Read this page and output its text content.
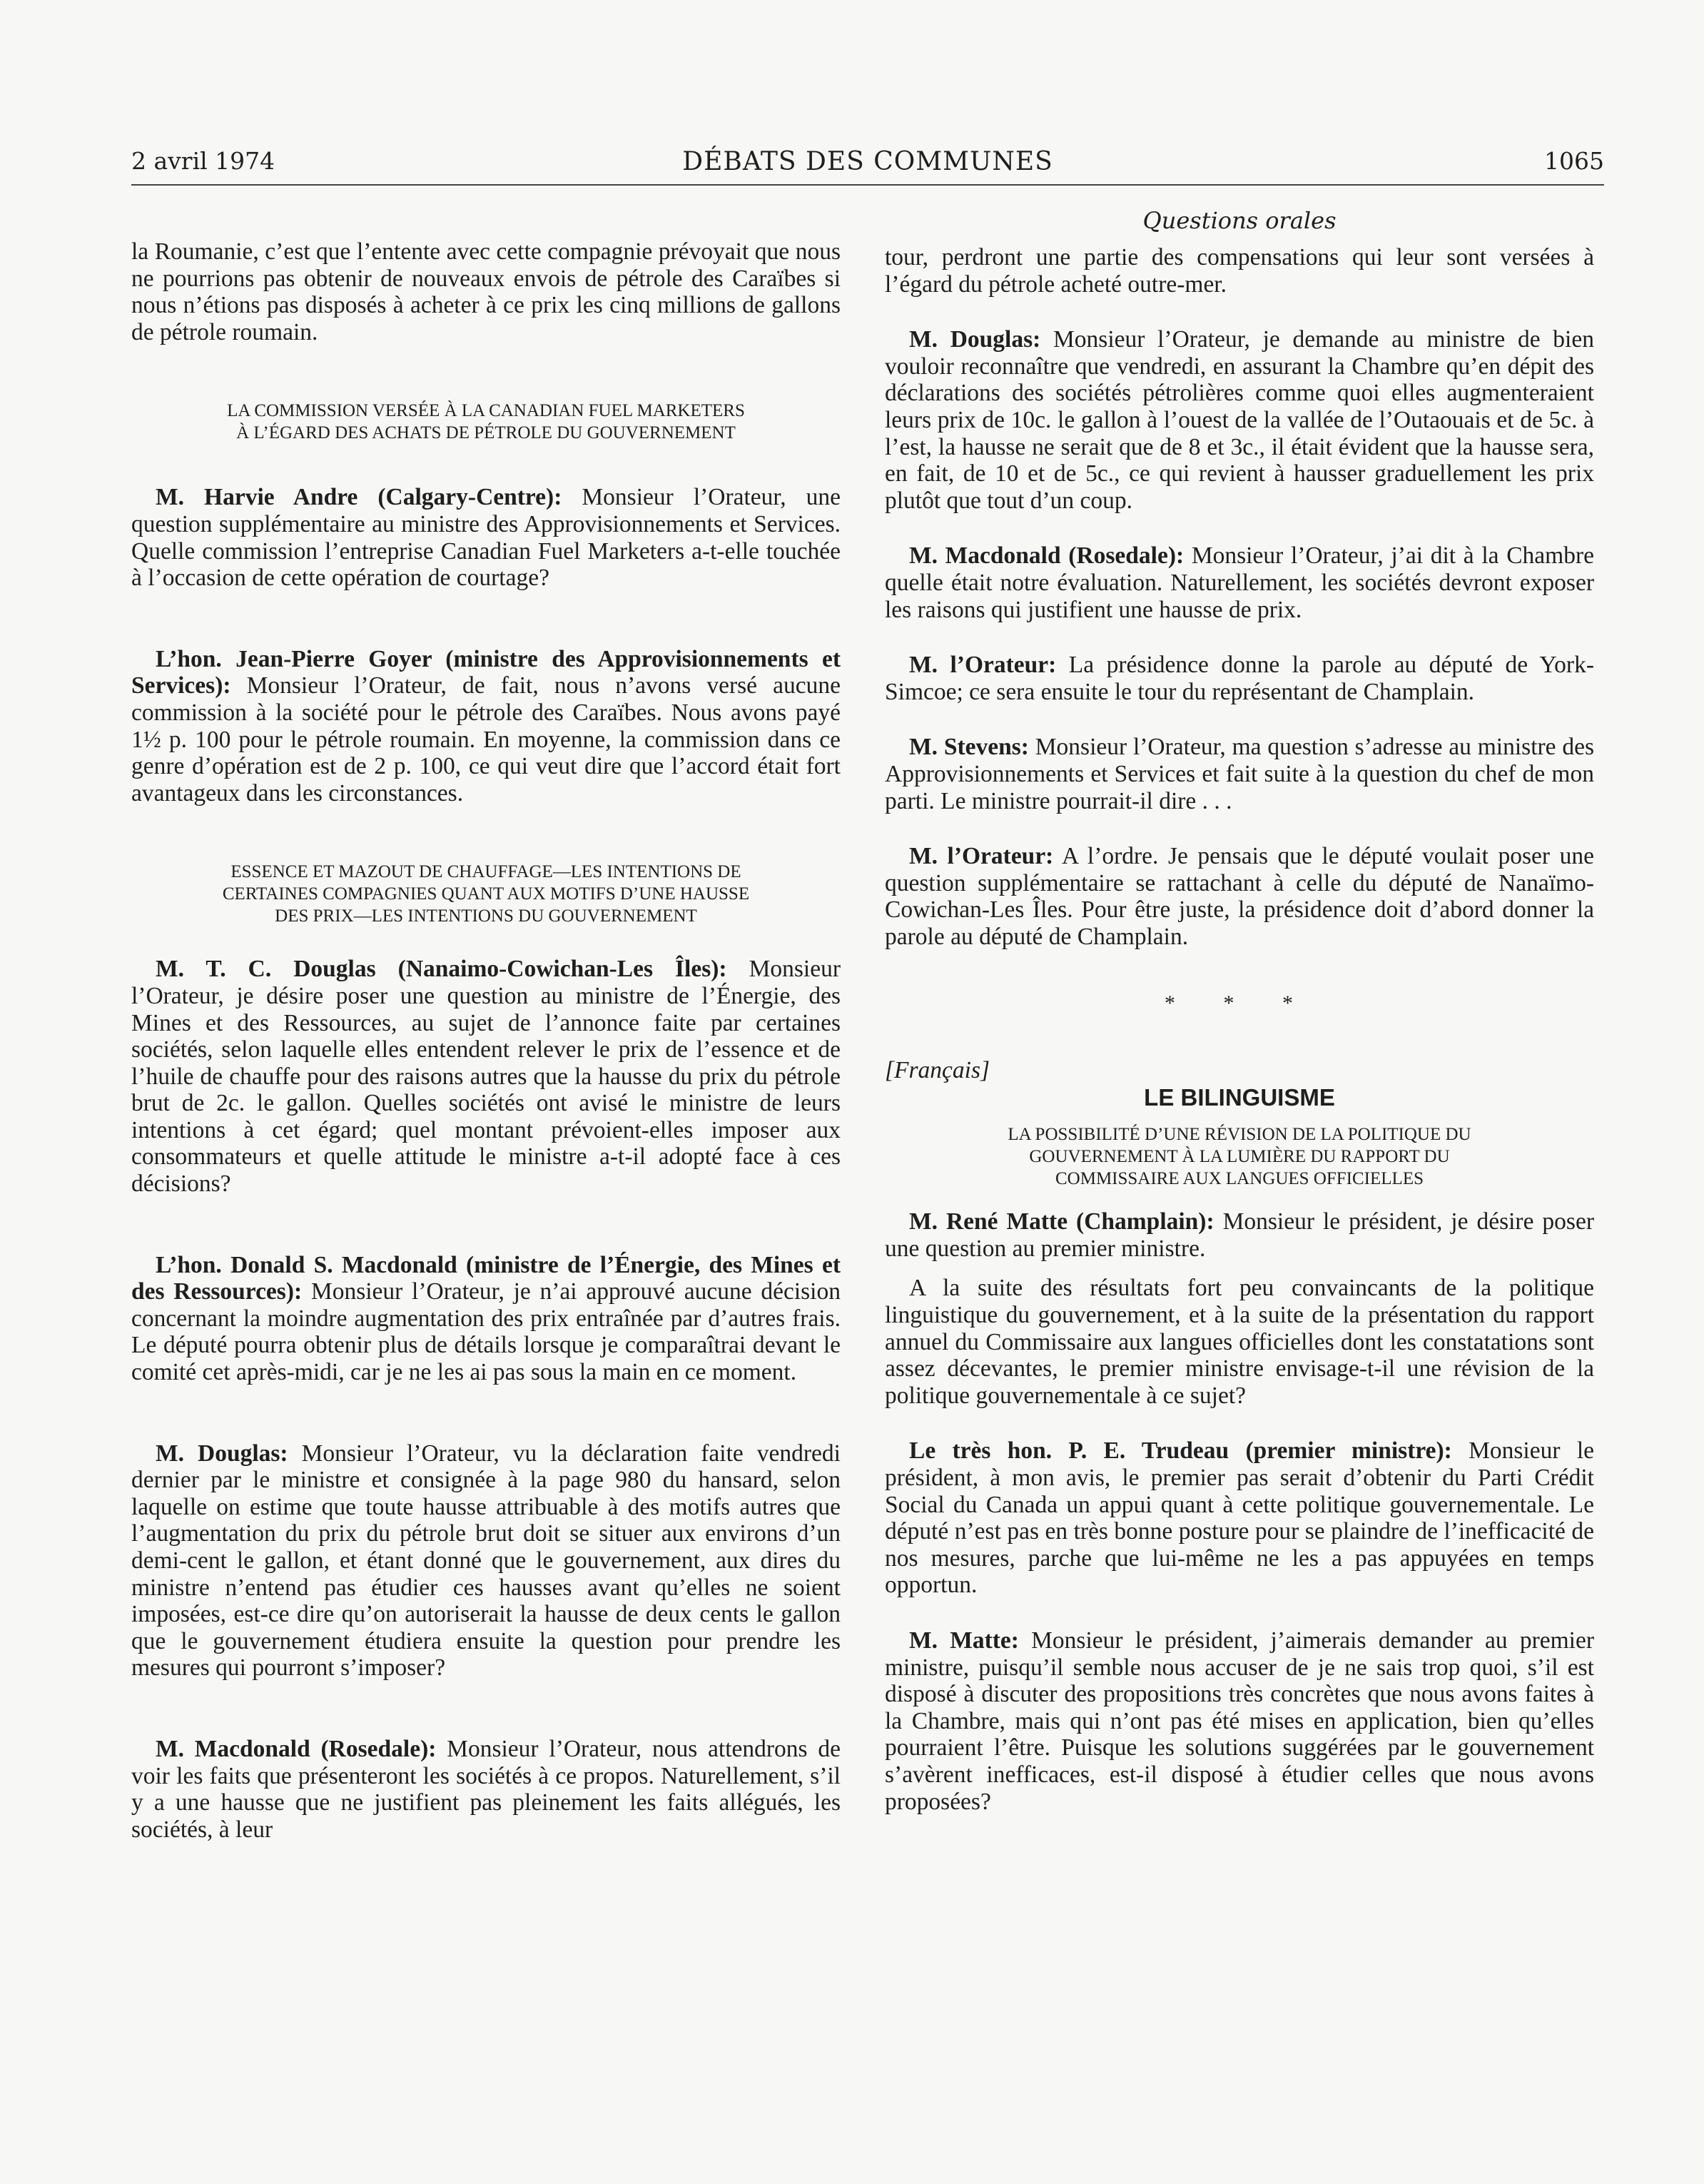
2 avril 1974	DÉBATS DES COMMUNES	1065
Questions orales

la Roumanie, c’est que l’entente avec cette compagnie prévoyait que nous ne pourrions pas obtenir de nouveaux envois de pétrole des Caraïbes si nous n’étions pas disposés à acheter à ce prix les cinq millions de gallons de pétrole roumain.

LA COMMISSION VERSÉE À LA CANADIAN FUEL MARKETERS

À L’ÉGARD DES ACHATS DE PÉTROLE DU GOUVERNEMENT

M. Harvie Andre (Calgary-Centre): Monsieur l’Orateur, une question supplémentaire au ministre des Approvisionnements et Services. Quelle commission l’entreprise Canadian Fuel Marketers a-t-elle touchée à l’occasion de cette opération de courtage?

L’hon. Jean-Pierre Goyer (ministre des Approvisionnements et Services): Monsieur l’Orateur, de fait, nous n’avons versé aucune commission à la société pour le pétrole des Caraïbes. Nous avons payé 1½ p. 100 pour le pétrole roumain. En moyenne, la commission dans ce genre d’opération est de 2 p. 100, ce qui veut dire que l’accord était fort avantageux dans les circonstances.

ESSENCE ET MAZOUT DE CHAUFFAGE—LES INTENTIONS DE

CERTAINES COMPAGNIES QUANT AUX MOTIFS D’UNE HAUSSE

DES PRIX—LES INTENTIONS DU GOUVERNEMENT

M. T. C. Douglas (Nanaimo-Cowichan-Les Îles): Monsieur l’Orateur, je désire poser une question au ministre de l’Énergie, des Mines et des Ressources, au sujet de l’annonce faite par certaines sociétés, selon laquelle elles entendent relever le prix de l’essence et de l’huile de chauffe pour des raisons autres que la hausse du prix du pétrole brut de 2c. le gallon. Quelles sociétés ont avisé le ministre de leurs intentions à cet égard; quel montant prévoient-elles imposer aux consommateurs et quelle attitude le ministre a-t-il adopté face à ces décisions?

L’hon. Donald S. Macdonald (ministre de l’Énergie, des Mines et des Ressources): Monsieur l’Orateur, je n’ai approuvé aucune décision concernant la moindre augmentation des prix entraînée par d’autres frais. Le député pourra obtenir plus de détails lorsque je comparaîtrai devant le comité cet après-midi, car je ne les ai pas sous la main en ce moment.

M. Douglas: Monsieur l’Orateur, vu la déclaration faite vendredi dernier par le ministre et consignée à la page 980 du hansard, selon laquelle on estime que toute hausse attribuable à des motifs autres que l’augmentation du prix du pétrole brut doit se situer aux environs d’un demi-cent le gallon, et étant donné que le gouvernement, aux dires du ministre n’entend pas étudier ces hausses avant qu’elles ne soient imposées, est-ce dire qu’on autoriserait la hausse de deux cents le gallon que le gouvernement étudiera ensuite la question pour prendre les mesures qui pourront s’imposer?

M. Macdonald (Rosedale): Monsieur l’Orateur, nous attendrons de voir les faits que présenteront les sociétés à ce propos. Naturellement, s’il y a une hausse que ne justifient pas pleinement les faits allégués, les sociétés, à leur

tour, perdront une partie des compensations qui leur sont versées à l’égard du pétrole acheté outre-mer.

M. Douglas: Monsieur l’Orateur, je demande au ministre de bien vouloir reconnaître que vendredi, en assurant la Chambre qu’en dépit des déclarations des sociétés pétrolières comme quoi elles augmenteraient leurs prix de 10c. le gallon à l’ouest de la vallée de l’Outaouais et de 5c. à l’est, la hausse ne serait que de 8 et 3c., il était évident que la hausse sera, en fait, de 10 et de 5c., ce qui revient à hausser graduellement les prix plutôt que tout d’un coup.

M. Macdonald (Rosedale): Monsieur l’Orateur, j’ai dit à la Chambre quelle était notre évaluation. Naturellement, les sociétés devront exposer les raisons qui justifient une hausse de prix.

M. l’Orateur: La présidence donne la parole au député de York-Simcoe; ce sera ensuite le tour du représentant de Champlain.

M. Stevens: Monsieur l’Orateur, ma question s’adresse au ministre des Approvisionnements et Services et fait suite à la question du chef de mon parti. Le ministre pourrait-il dire . . .

M. l’Orateur: A l’ordre. Je pensais que le député voulait poser une question supplémentaire se rattachant à celle du député de Nanaïmo-Cowichan-Les Îles. Pour être juste, la présidence doit d’abord donner la parole au député de Champlain.

* * *

[Français]

LE BILINGUISME

LA POSSIBILITÉ D’UNE RÉVISION DE LA POLITIQUE DU

GOUVERNEMENT À LA LUMIÈRE DU RAPPORT DU

COMMISSAIRE AUX LANGUES OFFICIELLES

M. René Matte (Champlain): Monsieur le président, je désire poser une question au premier ministre.

A la suite des résultats fort peu convaincants de la politique linguistique du gouvernement, et à la suite de la présentation du rapport annuel du Commissaire aux langues officielles dont les constatations sont assez décevantes, le premier ministre envisage-t-il une révision de la politique gouvernementale à ce sujet?

Le très hon. P. E. Trudeau (premier ministre): Monsieur le président, à mon avis, le premier pas serait d’obtenir du Parti Crédit Social du Canada un appui quant à cette politique gouvernementale. Le député n’est pas en très bonne posture pour se plaindre de l’inefficacité de nos mesures, parche que lui-même ne les a pas appuyées en temps opportun.

M. Matte: Monsieur le président, j’aimerais demander au premier ministre, puisqu’il semble nous accuser de je ne sais trop quoi, s’il est disposé à discuter des propositions très concrètes que nous avons faites à la Chambre, mais qui n’ont pas été mises en application, bien qu’elles pourraient l’être. Puisque les solutions suggérées par le gouvernement s’avèrent inefficaces, est-il disposé à étudier celles que nous avons proposées?
